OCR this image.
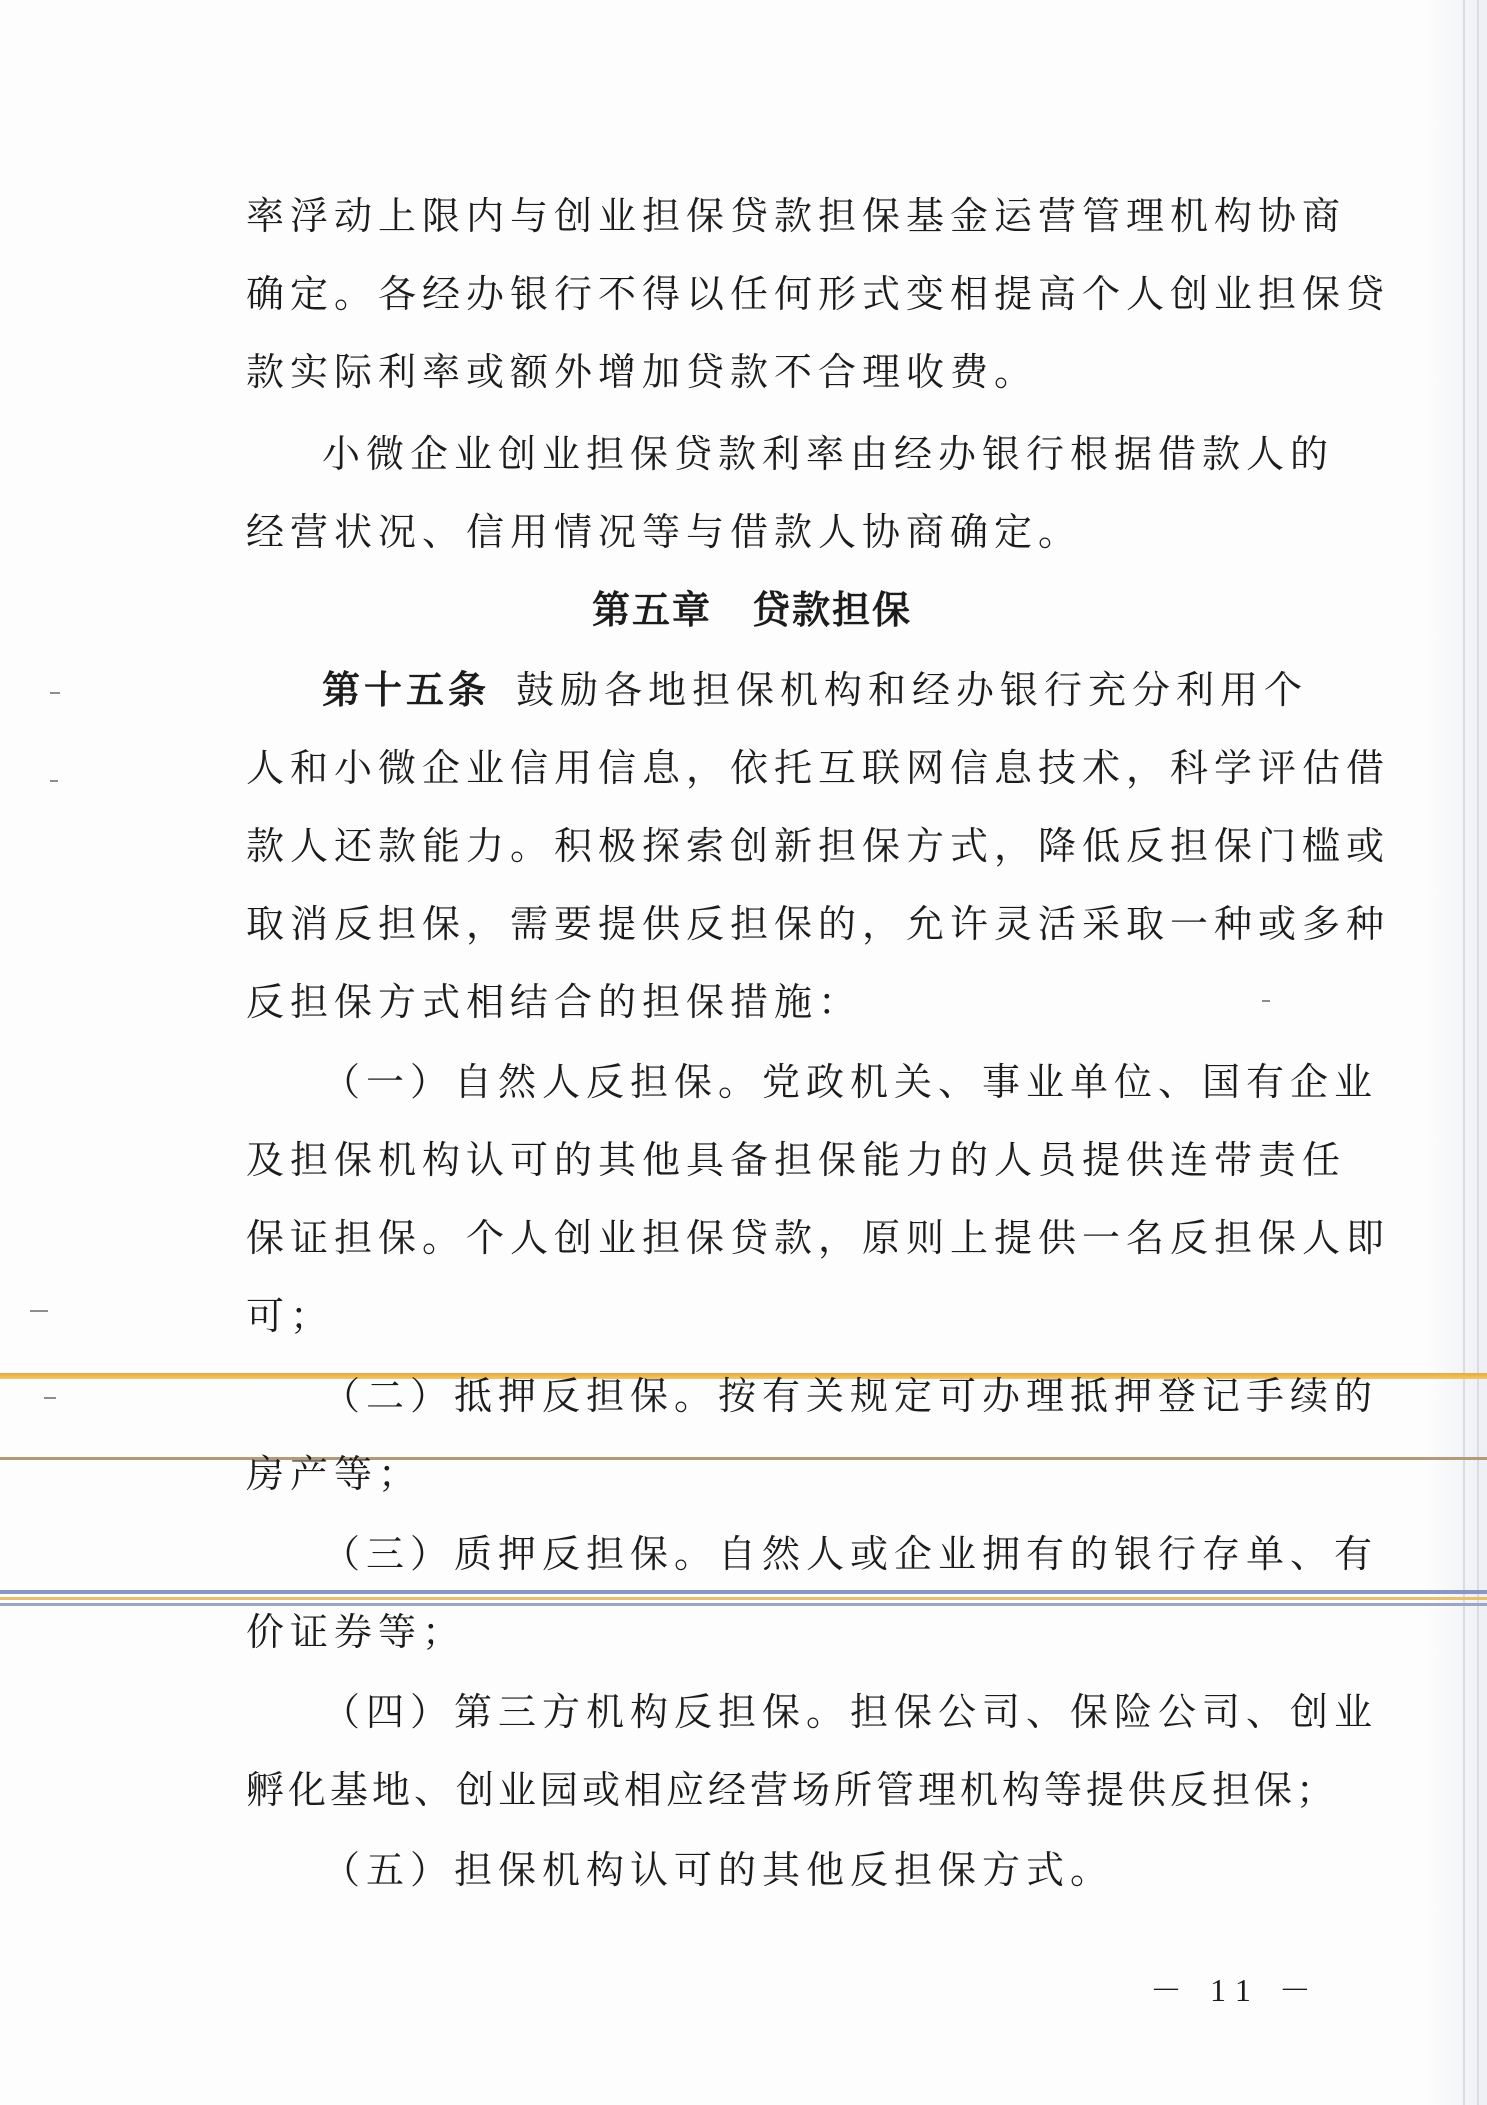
率浮动上限内与创业担保贷款担保基金运营管理机构协商
确定。各经办银行不得以任何形式变相提高个人创业担保贷
款实际利率或额外增加贷款不合理收费。
小微企业创业担保贷款利率由经办银行根据借款人的
经营状况、信用情况等与借款人协商确定。
第五章　贷款担保
第十五条 鼓励各地担保机构和经办银行充分利用个
人和小微企业信用信息，依托互联网信息技术，科学评估借
款人还款能力。积极探索创新担保方式，降低反担保门槛或
取消反担保，需要提供反担保的，允许灵活采取一种或多种
反担保方式相结合的担保措施：
（一）自然人反担保。党政机关、事业单位、国有企业
及担保机构认可的其他具备担保能力的人员提供连带责任
保证担保。个人创业担保贷款，原则上提供一名反担保人即
可；
（二）抵押反担保。按有关规定可办理抵押登记手续的
房产等；
（三）质押反担保。自然人或企业拥有的银行存单、有
价证券等；
（四）第三方机构反担保。担保公司、保险公司、创业
孵化基地、创业园或相应经营场所管理机构等提供反担保；
（五）担保机构认可的其他反担保方式。
－ 11 －
